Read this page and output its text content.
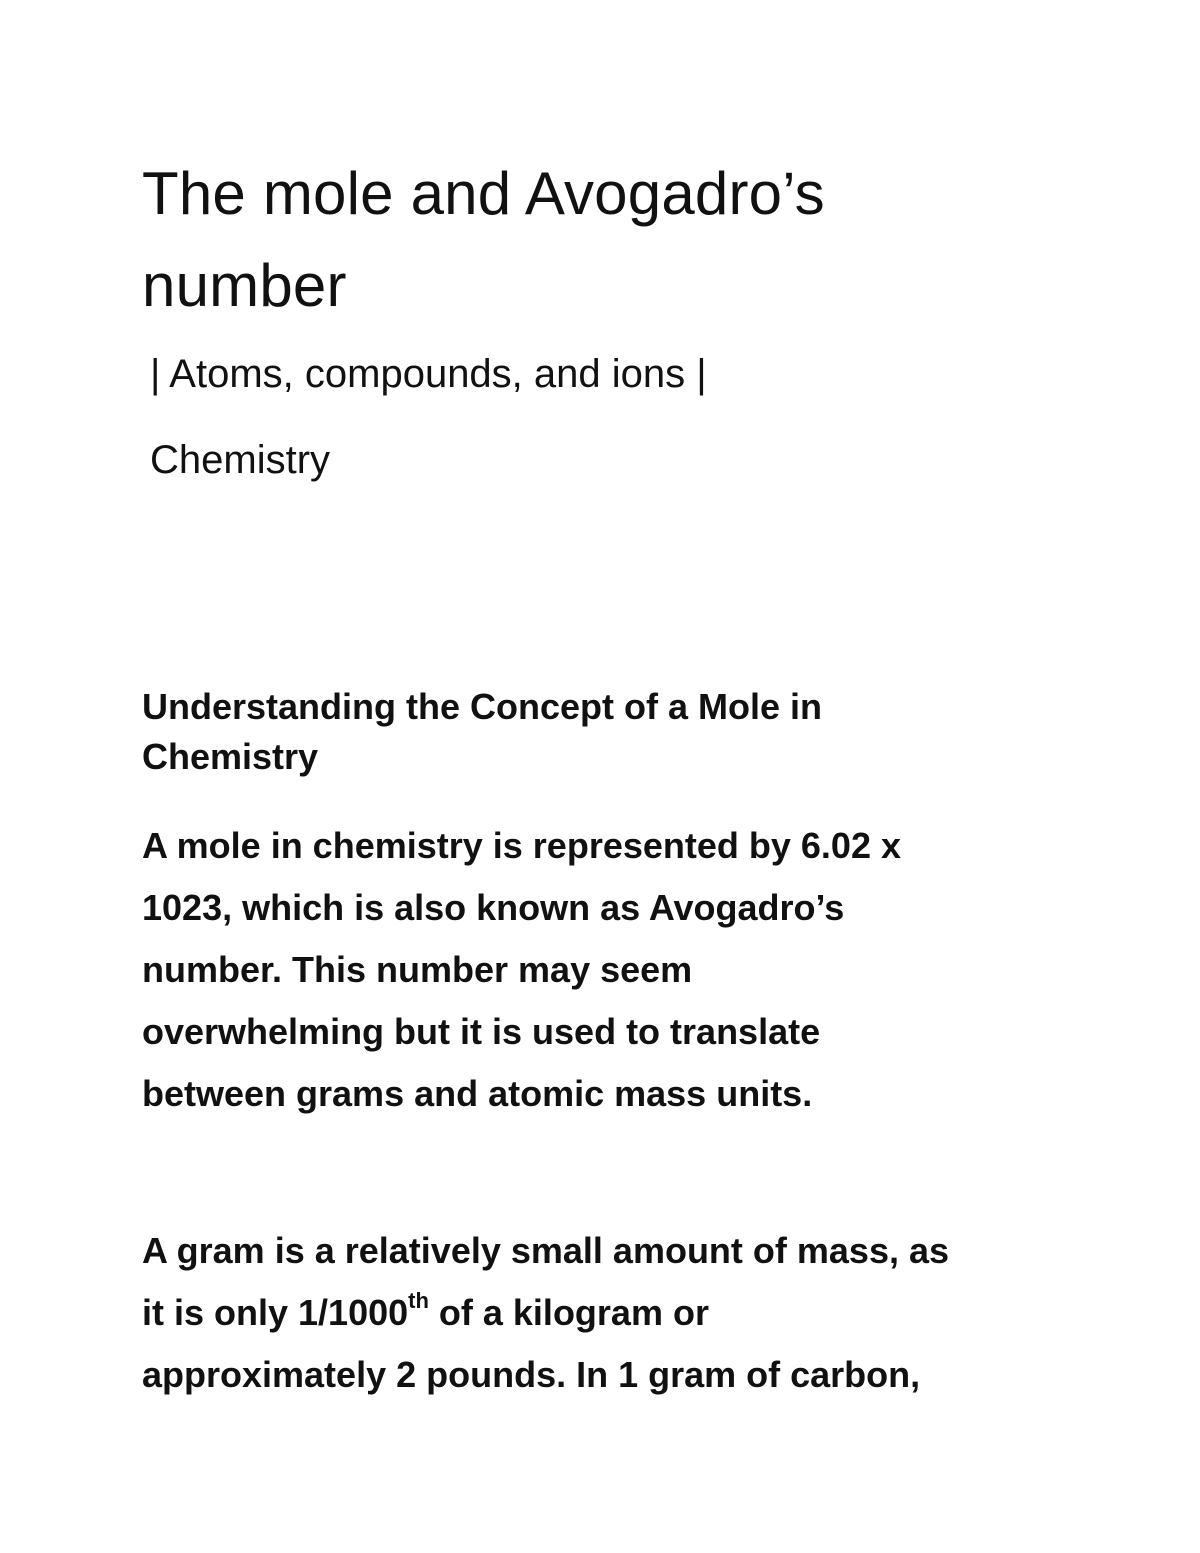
The mole and Avogadro’s
number

| Atoms, compounds, and ions |

Chemistry

Understanding the Concept of a Mole in
Chemistry

A mole in chemistry is represented by 6.02 x
1023, which is also known as Avogadro’s
number. This number may seem
overwhelming but it is used to translate
between grams and atomic mass units.

A gram is a relatively small amount of mass, as
it is only 1/1000th of a kilogram or
approximately 2 pounds. In 1 gram of carbon,
